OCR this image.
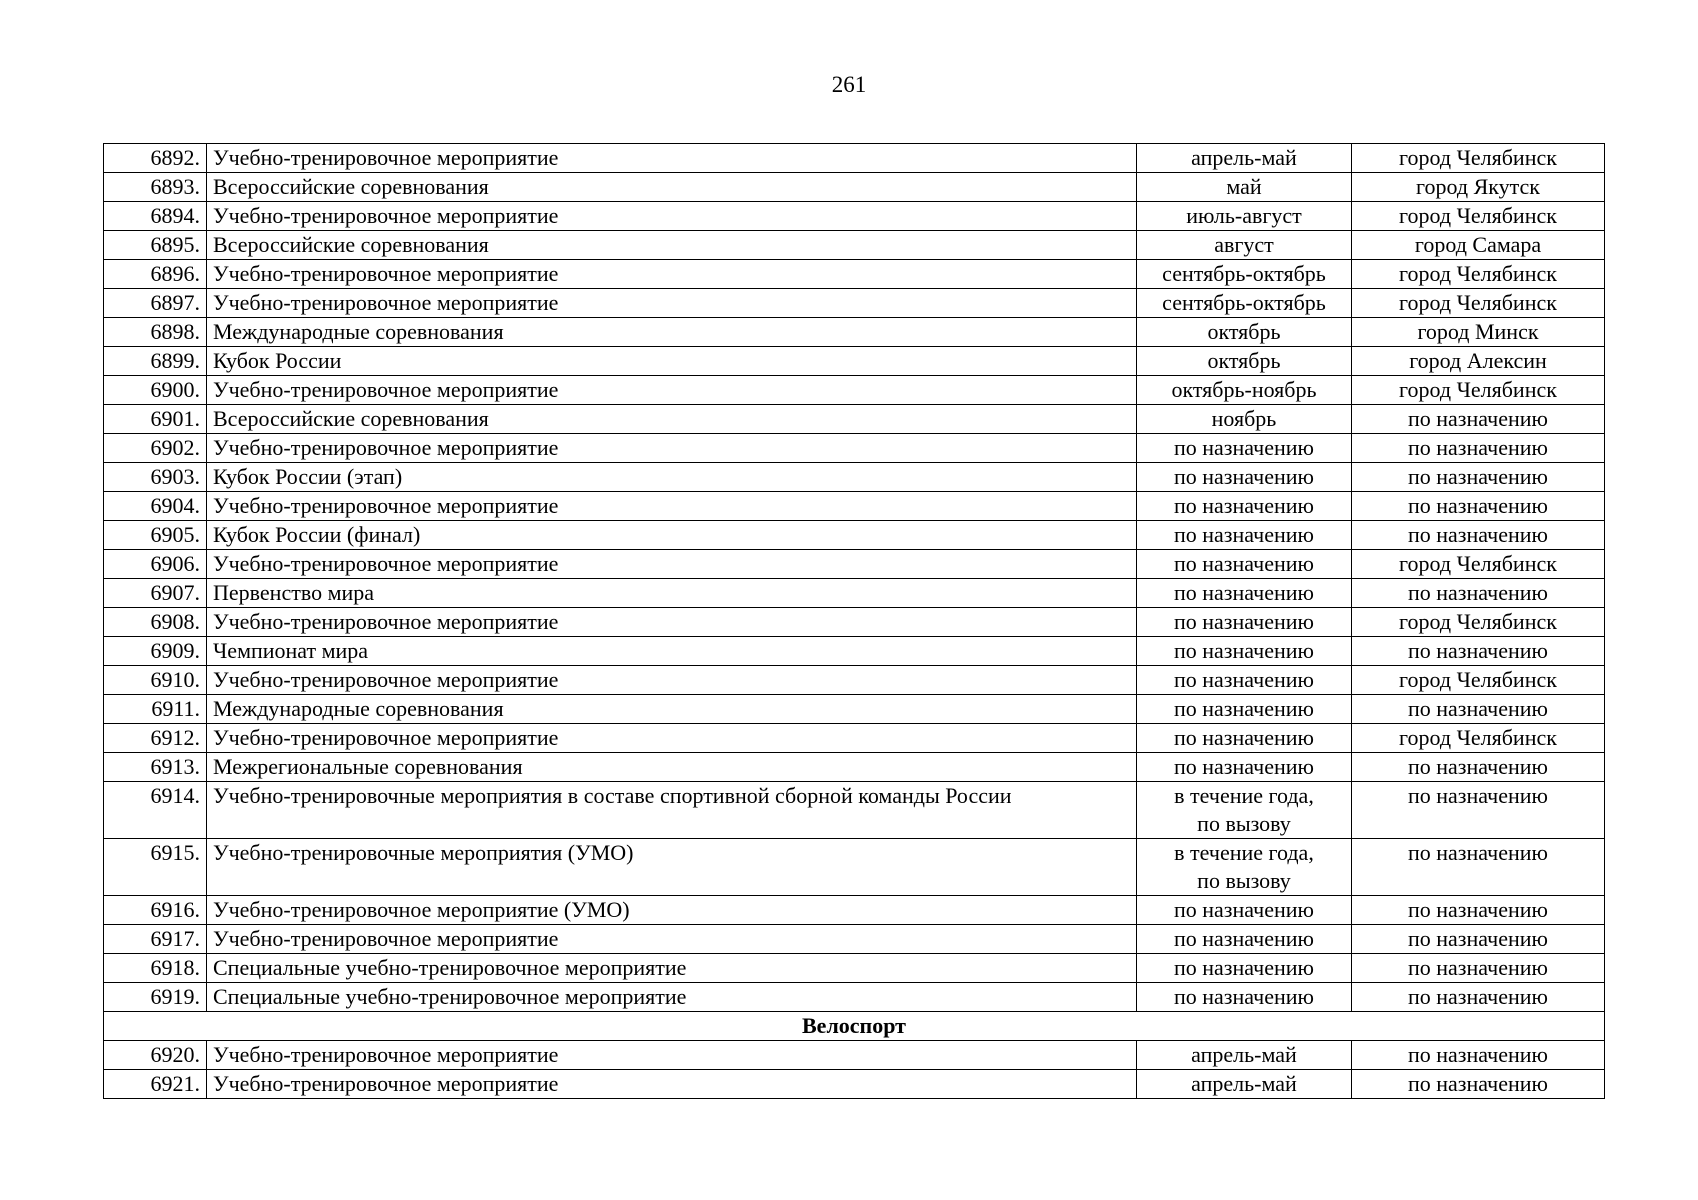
261
6892.	Учебно-тренировочное мероприятие	апрель-май	город Челябинск
6893.	Всероссийские соревнования	май	город Якутск
6894.	Учебно-тренировочное мероприятие	июль-август	город Челябинск
6895.	Всероссийские соревнования	август	город Самара
6896.	Учебно-тренировочное мероприятие	сентябрь-октябрь	город Челябинск
6897.	Учебно-тренировочное мероприятие	сентябрь-октябрь	город Челябинск
6898.	Международные соревнования	октябрь	город Минск
6899.	Кубок России	октябрь	город Алексин
6900.	Учебно-тренировочное мероприятие	октябрь-ноябрь	город Челябинск
6901.	Всероссийские соревнования	ноябрь	по назначению
6902.	Учебно-тренировочное мероприятие	по назначению	по назначению
6903.	Кубок России (этап)	по назначению	по назначению
6904.	Учебно-тренировочное мероприятие	по назначению	по назначению
6905.	Кубок России (финал)	по назначению	по назначению
6906.	Учебно-тренировочное мероприятие	по назначению	город Челябинск
6907.	Первенство мира	по назначению	по назначению
6908.	Учебно-тренировочное мероприятие	по назначению	город Челябинск
6909.	Чемпионат мира	по назначению	по назначению
6910.	Учебно-тренировочное мероприятие	по назначению	город Челябинск
6911.	Международные соревнования	по назначению	по назначению
6912.	Учебно-тренировочное мероприятие	по назначению	город Челябинск
6913.	Межрегиональные соревнования	по назначению	по назначению
6914.	Учебно-тренировочные мероприятия в составе спортивной сборной команды России	в течение года,
по вызову	по назначению
6915.	Учебно-тренировочные мероприятия (УМО)	в течение года,
по вызову	по назначению
6916.	Учебно-тренировочное мероприятие (УМО)	по назначению	по назначению
6917.	Учебно-тренировочное мероприятие	по назначению	по назначению
6918.	Специальные учебно-тренировочное мероприятие	по назначению	по назначению
6919.	Специальные учебно-тренировочное мероприятие	по назначению	по назначению
Велоспорт			
6920.	Учебно-тренировочное мероприятие	апрель-май	по назначению
6921.	Учебно-тренировочное мероприятие	апрель-май	по назначению
